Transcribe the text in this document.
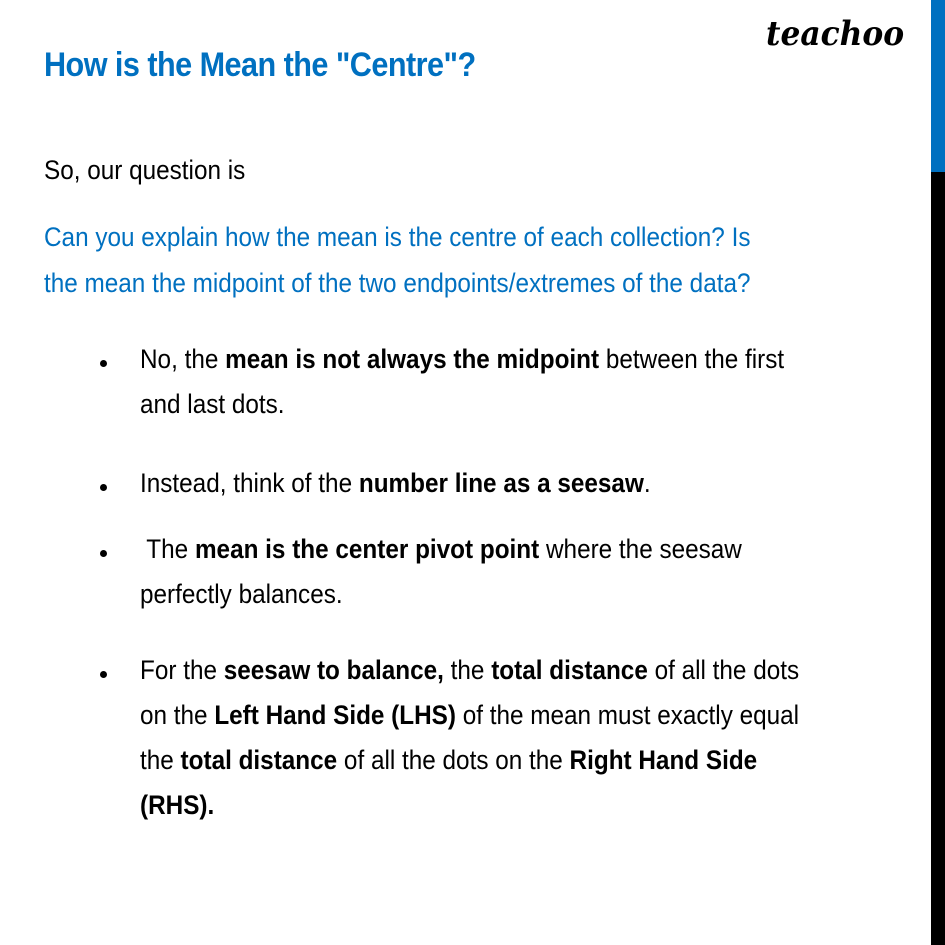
teachoo
How is the Mean the "Centre"?
So, our question is
Can you explain how the mean is the centre of each collection? Is
the mean the midpoint of the two endpoints/extremes of the data?
No, the mean is not always the midpoint between the first
and last dots.
Instead, think of the number line as a seesaw.
The mean is the center pivot point where the seesaw
perfectly balances.
For the seesaw to balance, the total distance of all the dots
on the Left Hand Side (LHS) of the mean must exactly equal
the total distance of all the dots on the Right Hand Side
(RHS).
